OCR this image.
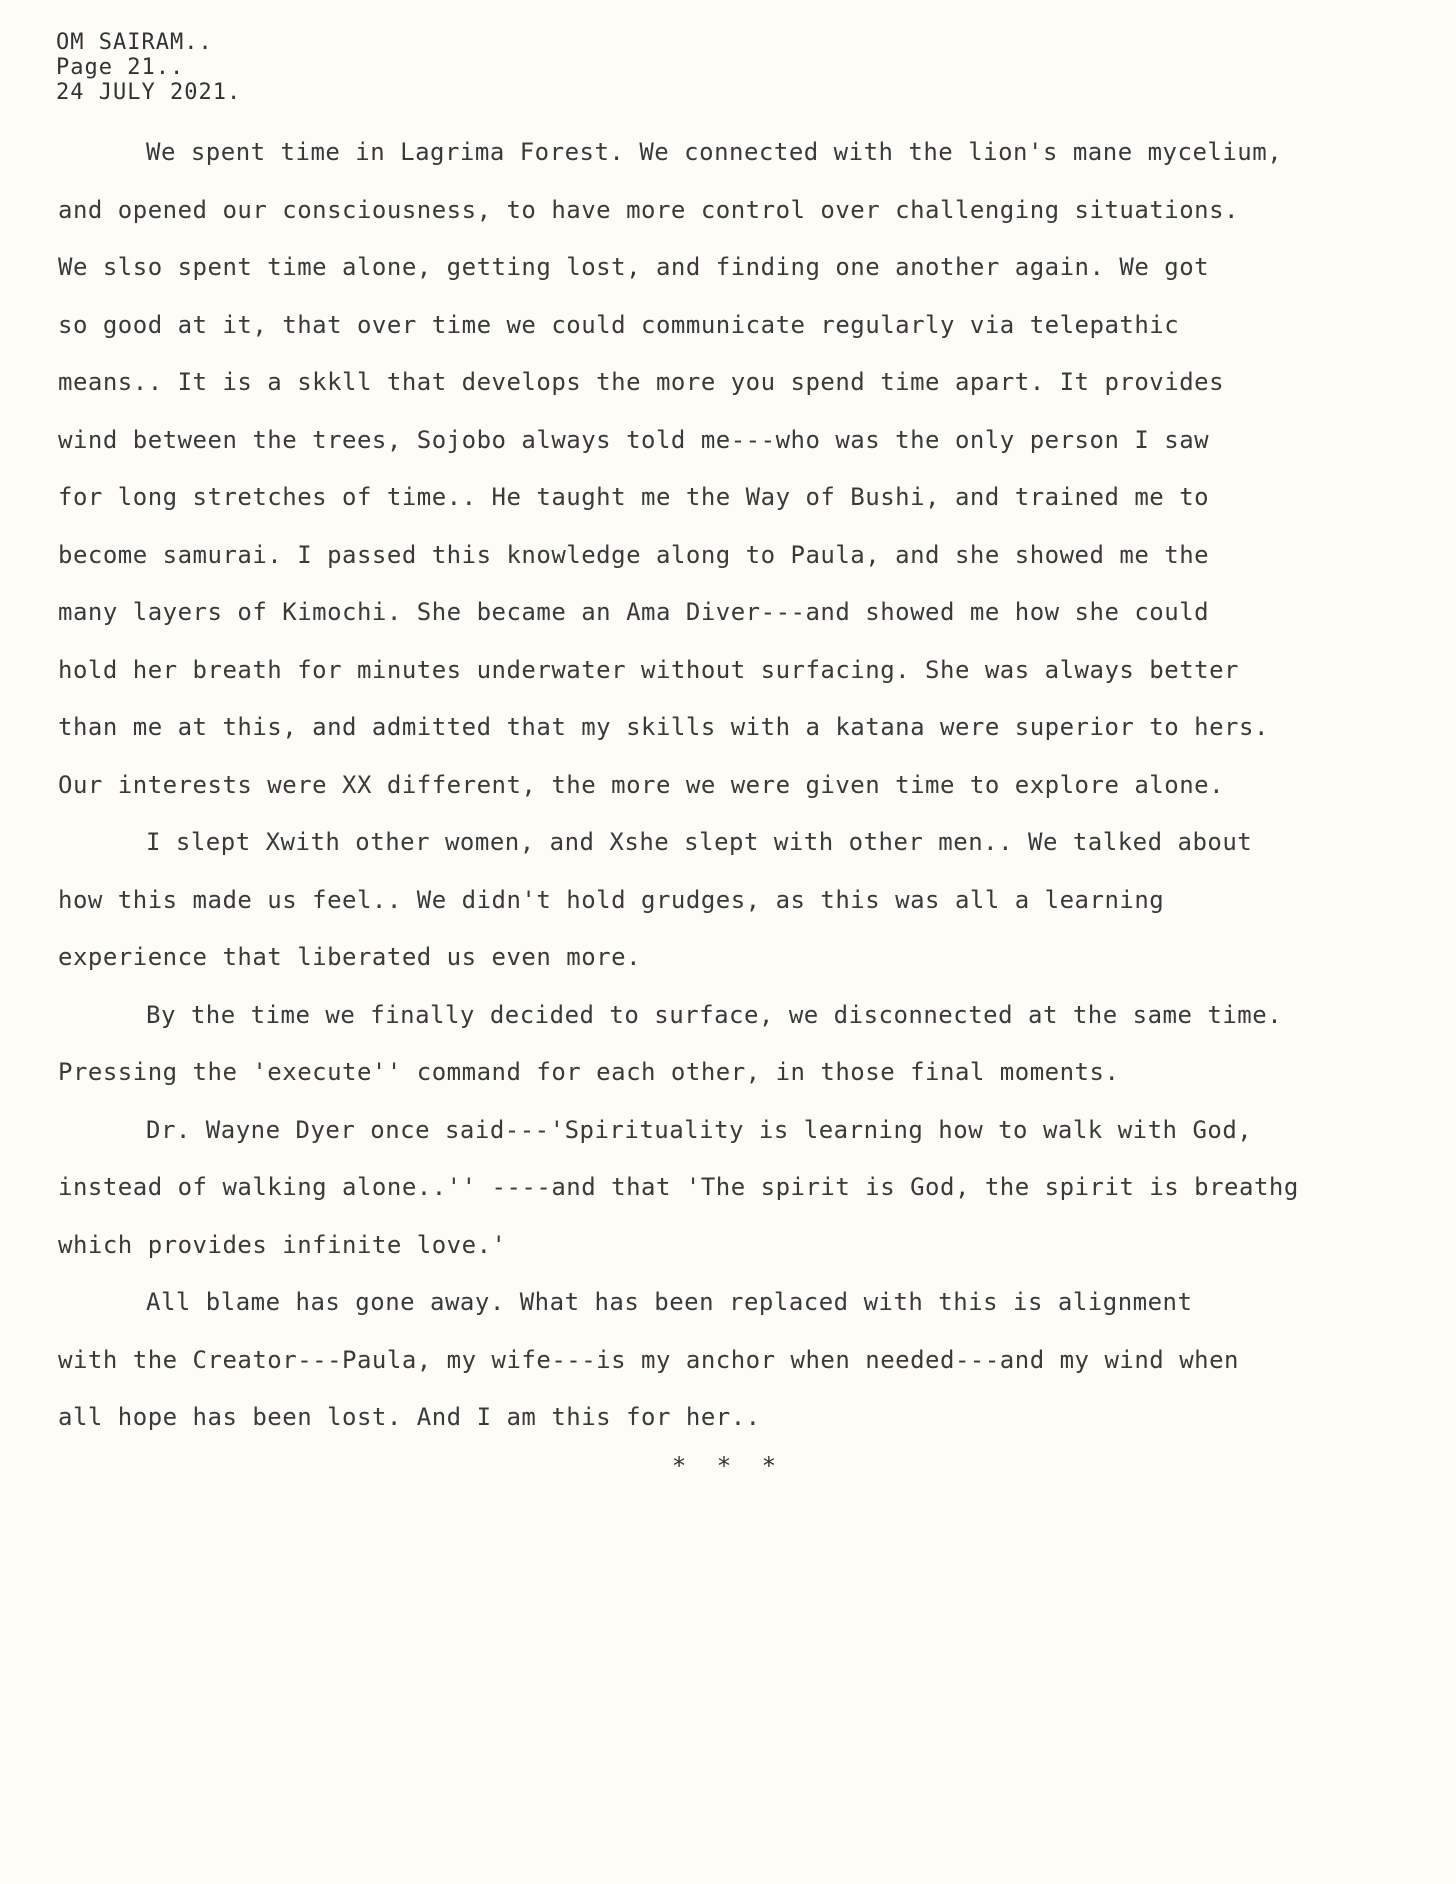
OM SAIRAM..
Page 21..
24 JULY 2021.
We spent time in Lagrima Forest. We connected with the lion's mane mycelium,
and opened our consciousness, to have more control over challenging situations.
We slso spent time alone, getting lost, and finding one another again. We got
so good at it, that over time we could communicate regularly via telepathic
means.. It is a skkll that develops the more you spend time apart. It provides
wind between the trees, Sojobo always told me---who was the only person I saw
for long stretches of time.. He taught me the Way of Bushi, and trained me to
become samurai. I passed this knowledge along to Paula, and she showed me the
many layers of Kimochi. She became an Ama Diver---and showed me how she could
hold her breath for minutes underwater without surfacing. She was always better
than me at this, and admitted that my skills with a katana were superior to hers.
Our interests were XX different, the more we were given time to explore alone.
I slept Xwith other women, and Xshe slept with other men.. We talked about
how this made us feel.. We didn't hold grudges, as this was all a learning
experience that liberated us even more.
By the time we finally decided to surface, we disconnected at the same time.
Pressing the 'execute'' command for each other, in those final moments.
Dr. Wayne Dyer once said---'Spirituality is learning how to walk with God,
instead of walking alone..'' ----and that 'The spirit is God, the spirit is breathg
which provides infinite love.'
All blame has gone away. What has been replaced with this is alignment
with the Creator---Paula, my wife---is my anchor when needed---and my wind when
all hope has been lost. And I am this for her..
* * *
